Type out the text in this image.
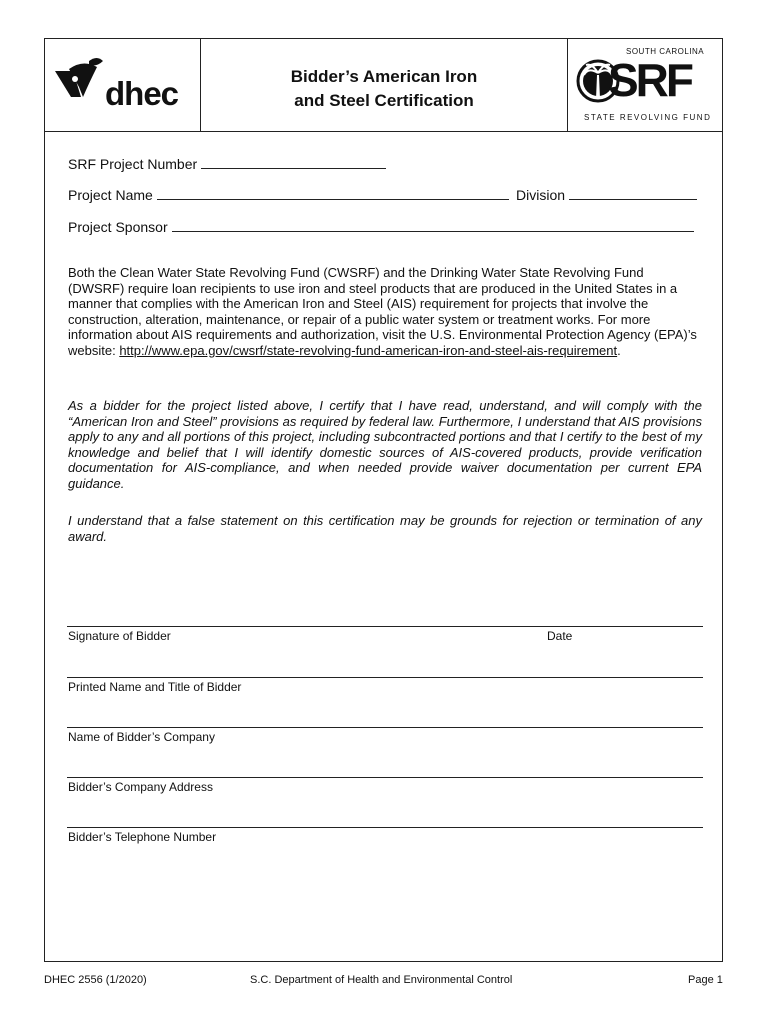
dhec	Bidder’s American Iron
and Steel Certification
SOUTH CAROLINA
SRF
STATE REVOLVING FUND
SRF Project Number
Project Name	Division
Project Sponsor
Both the Clean Water State Revolving Fund (CWSRF) and the Drinking Water State Revolving Fund (DWSRF) require loan recipients to use iron and steel products that are produced in the United States in a manner that complies with the American Iron and Steel (AIS) requirement for projects that involve the construction, alteration, maintenance, or repair of a public water system or treatment works. For more information about AIS requirements and authorization, visit the U.S. Environmental Protection Agency (EPA)’s website: http://www.epa.gov/cwsrf/state-revolving-fund-american-iron-and-steel-ais-requirement.
As a bidder for the project listed above, I certify that I have read, understand, and will comply with the “American Iron and Steel” provisions as required by federal law. Furthermore, I understand that AIS provisions apply to any and all portions of this project, including subcontracted portions and that I certify to the best of my knowledge and belief that I will identify domestic sources of AIS-covered products, provide verification documentation for AIS-compliance, and when needed provide waiver documentation per current EPA guidance.
I understand that a false statement on this certification may be grounds for rejection or termination of any award.
Signature of Bidder	Date
Printed Name and Title of Bidder
Name of Bidder’s Company
Bidder’s Company Address
Bidder’s Telephone Number
DHEC 2556 (1/2020)	S.C. Department of Health and Environmental Control	Page 1
